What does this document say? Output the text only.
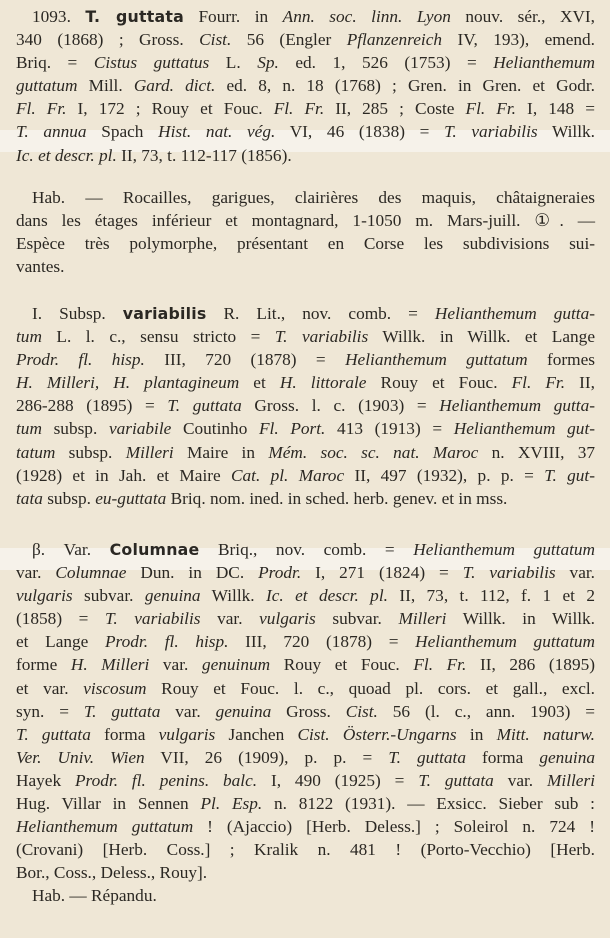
1093. T. guttata Fourr. in Ann. soc. linn. Lyon nouv. sér., XVI,
340 (1868) ; Gross. Cist. 56 (Engler Pflanzenreich IV, 193), emend.
Briq. = Cistus guttatus L. Sp. ed. 1, 526 (1753) = Helianthemum
guttatum Mill. Gard. dict. ed. 8, n. 18 (1768) ; Gren. in Gren. et Godr.
Fl. Fr. I, 172 ; Rouy et Fouc. Fl. Fr. II, 285 ; Coste Fl. Fr. I, 148 =
T. annua Spach Hist. nat. vég. VI, 46 (1838) = T. variabilis Willk.
Ic. et descr. pl. II, 73, t. 112-117 (1856).
Hab. — Rocailles, garigues, clairières des maquis, châtaigneraies
dans les étages inférieur et montagnard, 1-1050 m. Mars-juill. ①. —
Espèce très polymorphe, présentant en Corse les subdivisions sui-
vantes.
I. Subsp. variabilis R. Lit., nov. comb. = Helianthemum gutta-
tum L. l. c., sensu stricto = T. variabilis Willk. in Willk. et Lange
Prodr. fl. hisp. III, 720 (1878) = Helianthemum guttatum formes
H. Milleri, H. plantagineum et H. littorale Rouy et Fouc. Fl. Fr. II,
286-288 (1895) = T. guttata Gross. l. c. (1903) = Helianthemum gutta-
tum subsp. variabile Coutinho Fl. Port. 413 (1913) = Helianthemum gut-
tatum subsp. Milleri Maire in Mém. soc. sc. nat. Maroc n. XVIII, 37
(1928) et in Jah. et Maire Cat. pl. Maroc II, 497 (1932), p. p. = T. gut-
tata subsp. eu-guttata Briq. nom. ined. in sched. herb. genev. et in mss.
β. Var. Columnae Briq., nov. comb. = Helianthemum guttatum
var. Columnae Dun. in DC. Prodr. I, 271 (1824) = T. variabilis var.
vulgaris subvar. genuina Willk. Ic. et descr. pl. II, 73, t. 112, f. 1 et 2
(1858) = T. variabilis var. vulgaris subvar. Milleri Willk. in Willk.
et Lange Prodr. fl. hisp. III, 720 (1878) = Helianthemum guttatum
forme H. Milleri var. genuinum Rouy et Fouc. Fl. Fr. II, 286 (1895)
et var. viscosum Rouy et Fouc. l. c., quoad pl. cors. et gall., excl.
syn. = T. guttata var. genuina Gross. Cist. 56 (l. c., ann. 1903) =
T. guttata forma vulgaris Janchen Cist. Österr.-Ungarns in Mitt. naturw.
Ver. Univ. Wien VII, 26 (1909), p. p. = T. guttata forma genuina
Hayek Prodr. fl. penins. balc. I, 490 (1925) = T. guttata var. Milleri
Hug. Villar in Sennen Pl. Esp. n. 8122 (1931). — Exsicc. Sieber sub :
Helianthemum guttatum ! (Ajaccio) [Herb. Deless.] ; Soleirol n. 724 !
(Crovani) [Herb. Coss.] ; Kralik n. 481 ! (Porto-Vecchio) [Herb.
Bor., Coss., Deless., Rouy].
Hab. — Répandu.
